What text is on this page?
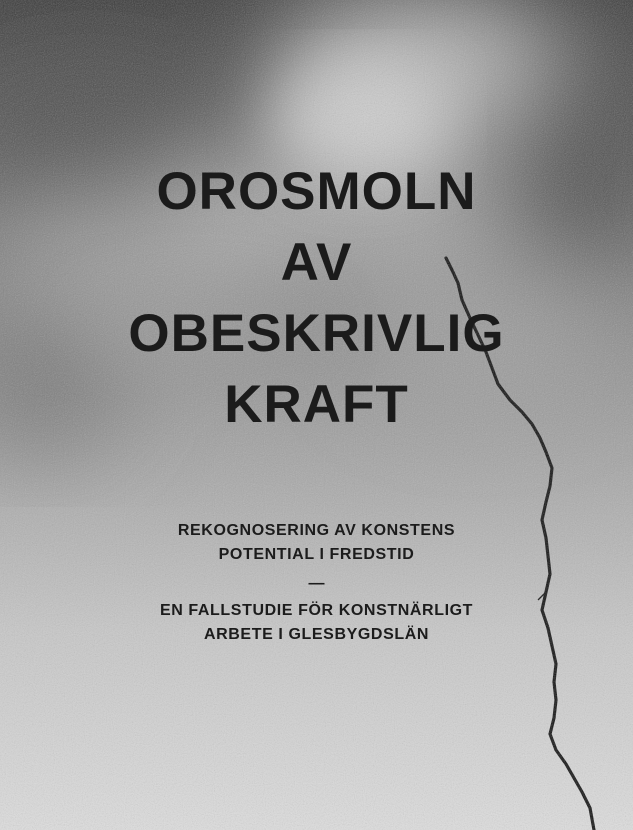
OROSMOLN
AV
OBESKRIVLIG
KRAFT
REKOGNOSERING AV KONSTENS
POTENTIAL I FREDSTID
—
EN FALLSTUDIE FÖR KONSTNÄRLIGT
ARBETE I GLESBYGDSLÄN
